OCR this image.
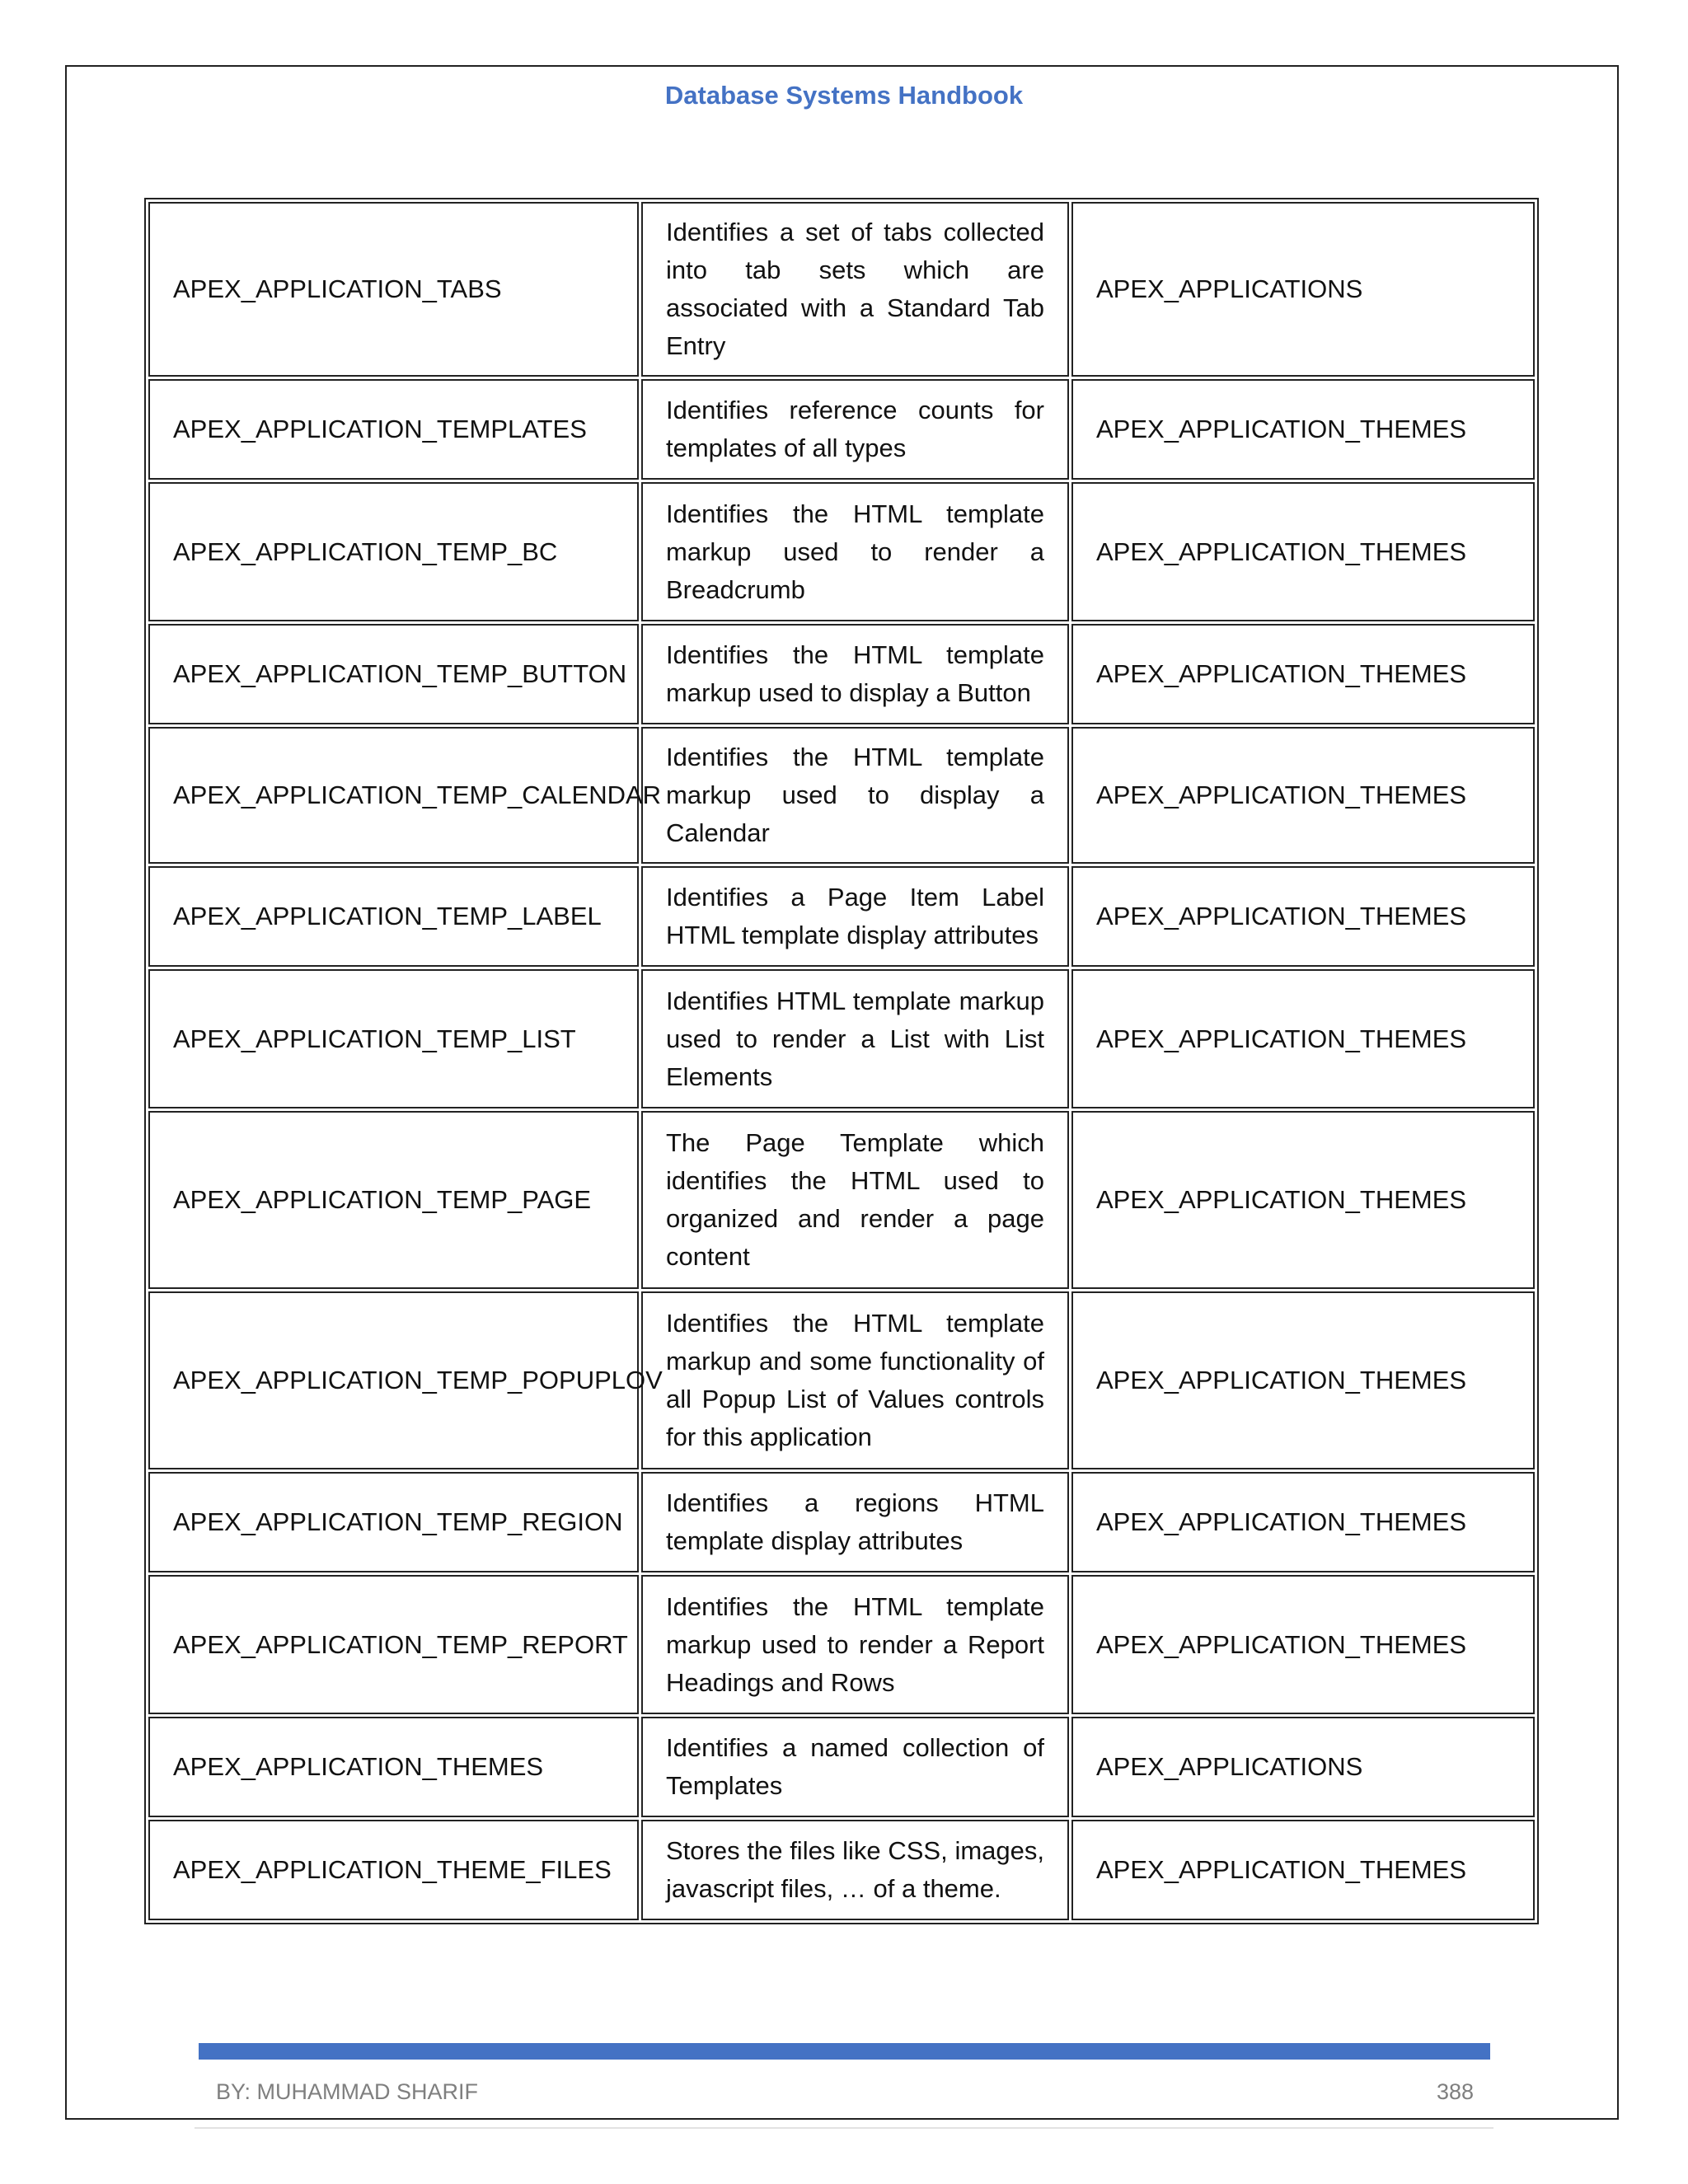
Database Systems Handbook
APEX_APPLICATION_TABS	Identifies a set of tabs collected into tab sets which are associated with a Standard Tab Entry	APEX_APPLICATIONS
APEX_APPLICATION_TEMPLATES	Identifies reference counts for templates of all types	APEX_APPLICATION_THEMES
APEX_APPLICATION_TEMP_BC	Identifies the HTML template markup used to render a Breadcrumb	APEX_APPLICATION_THEMES
APEX_APPLICATION_TEMP_BUTTON	Identifies the HTML template markup used to display a Button	APEX_APPLICATION_THEMES
APEX_APPLICATION_TEMP_CALENDAR	Identifies the HTML template markup used to display a Calendar	APEX_APPLICATION_THEMES
APEX_APPLICATION_TEMP_LABEL	Identifies a Page Item Label HTML template display attributes	APEX_APPLICATION_THEMES
APEX_APPLICATION_TEMP_LIST	Identifies HTML template markup used to render a List with List Elements	APEX_APPLICATION_THEMES
APEX_APPLICATION_TEMP_PAGE	The Page Template which identifies the HTML used to organized and render a page content	APEX_APPLICATION_THEMES
APEX_APPLICATION_TEMP_POPUPLOV	Identifies the HTML template markup and some functionality of all Popup List of Values controls for this application	APEX_APPLICATION_THEMES
APEX_APPLICATION_TEMP_REGION	Identifies a regions HTML template display attributes	APEX_APPLICATION_THEMES
APEX_APPLICATION_TEMP_REPORT	Identifies the HTML template markup used to render a Report Headings and Rows	APEX_APPLICATION_THEMES
APEX_APPLICATION_THEMES	Identifies a named collection of Templates	APEX_APPLICATIONS
APEX_APPLICATION_THEME_FILES	Stores the files like CSS, images, javascript files, … of a theme.	APEX_APPLICATION_THEMES
BY: MUHAMMAD SHARIF	388
